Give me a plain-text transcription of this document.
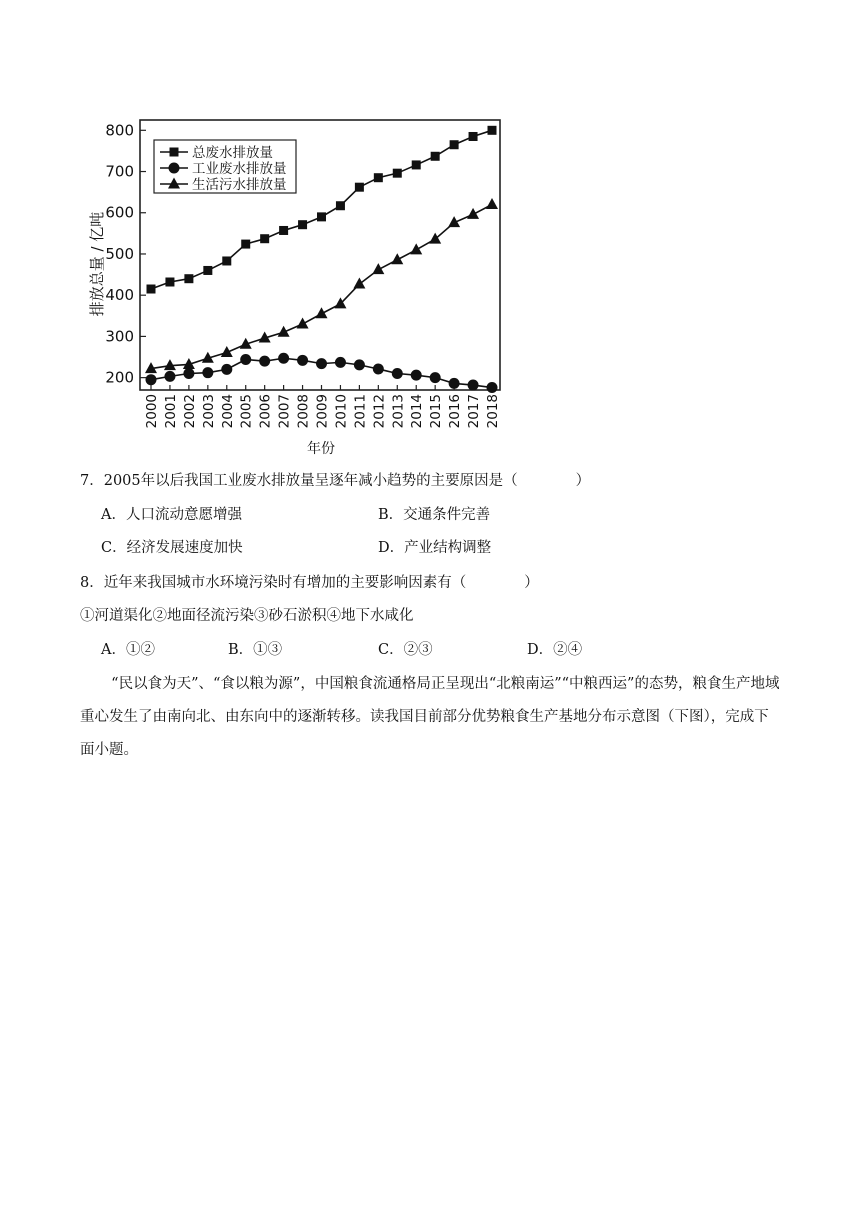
200
300
400
500
600
700
800
2000 2001 2002 2003 2004 2005 2006 2007 2008 2009 2010 2011 2012 2013 2014 2015 2016 2017 2018
总废水排放量
工业废水排放量
生活污水排放量
排放总量 / 亿吨
年份
7．2005年以后我国工业废水排放量呈逐年减小趋势的主要原因是（　　　　）
A．人口流动意愿增强	B．交通条件完善
C．经济发展速度加快	D．产业结构调整
8．近年来我国城市水环境污染时有增加的主要影响因素有（　　　　）
①河道渠化②地面径流污染③砂石淤积④地下水咸化
A．①②	B．①③	C．②③	D．②④
“民以食为天”、“食以粮为源”，中国粮食流通格局正呈现出“北粮南运”“中粮西运”的态势，粮食生产地域重心发生了由南向北、由东向中的逐渐转移。读我国目前部分优势粮食生产基地分布示意图（下图），完成下面小题。
